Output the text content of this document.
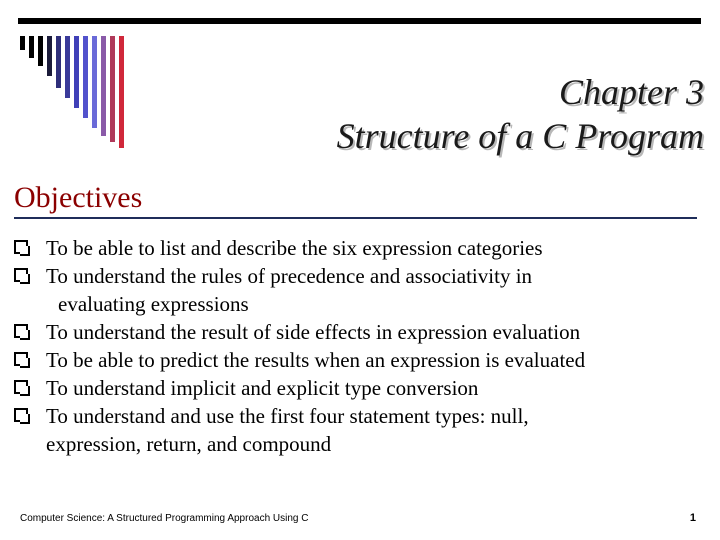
Chapter 3
Structure of a C Program
Objectives
To be able to list and describe the six expression categories
To understand the rules of precedence and associativity in
evaluating expressions
To understand the result of side effects in expression evaluation
To be able to predict the results when an expression is evaluated
To understand implicit and explicit type conversion
To understand and use the first four statement types: null,
expression, return, and compound
Computer Science: A Structured Programming Approach Using C	1
